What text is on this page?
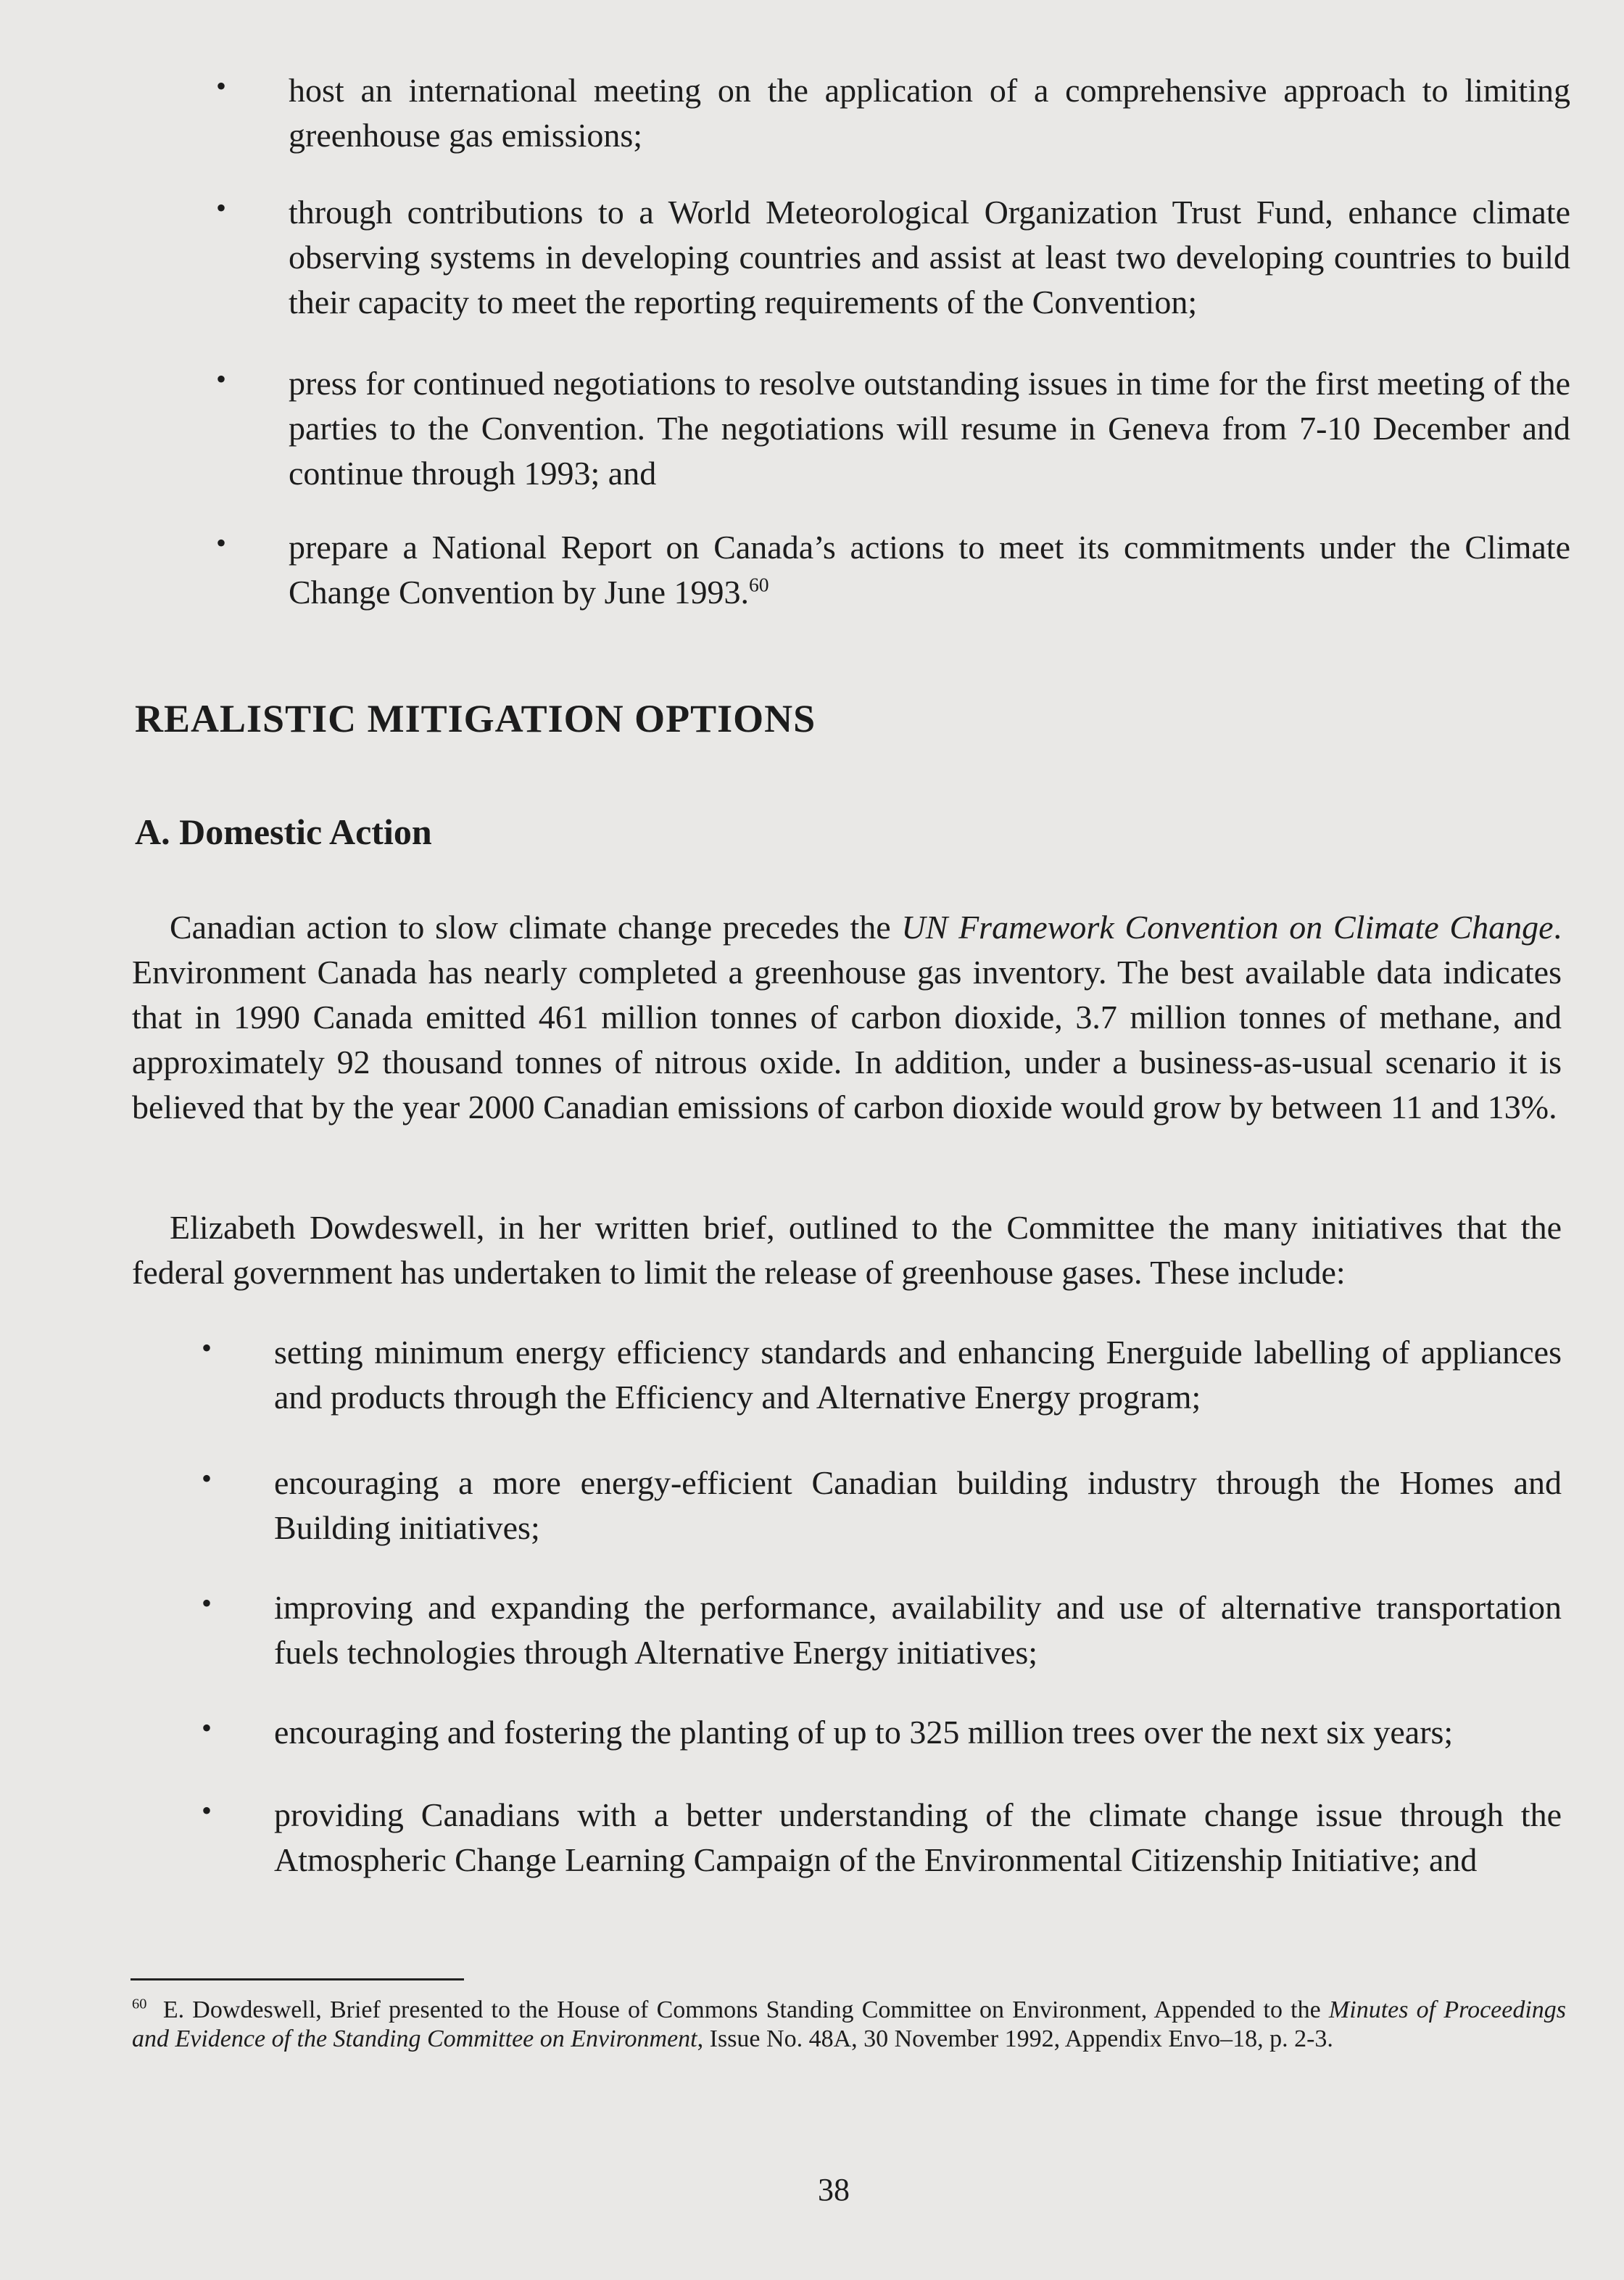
• host an international meeting on the application of a comprehensive approach to limiting greenhouse gas emissions;
• through contributions to a World Meteorological Organization Trust Fund, enhance climate observing systems in developing countries and assist at least two developing countries to build their capacity to meet the reporting requirements of the Convention;
• press for continued negotiations to resolve outstanding issues in time for the first meeting of the parties to the Convention. The negotiations will resume in Geneva from 7-10 December and continue through 1993; and
• prepare a National Report on Canada’s actions to meet its commitments under the Climate Change Convention by June 1993.60
REALISTIC MITIGATION OPTIONS
A. Domestic Action
Canadian action to slow climate change precedes the UN Framework Convention on Climate Change. Environment Canada has nearly completed a greenhouse gas inventory. The best available data indicates that in 1990 Canada emitted 461 million tonnes of carbon dioxide, 3.7 million tonnes of methane, and approximately 92 thousand tonnes of nitrous oxide. In addition, under a business-as-usual scenario it is believed that by the year 2000 Canadian emissions of carbon dioxide would grow by between 11 and 13%.
Elizabeth Dowdeswell, in her written brief, outlined to the Committee the many initiatives that the federal government has undertaken to limit the release of greenhouse gases. These include:
• setting minimum energy efficiency standards and enhancing Energuide labelling of appliances and products through the Efficiency and Alternative Energy program;
• encouraging a more energy-efficient Canadian building industry through the Homes and Building initiatives;
• improving and expanding the performance, availability and use of alternative transportation fuels technologies through Alternative Energy initiatives;
• encouraging and fostering the planting of up to 325 million trees over the next six years;
• providing Canadians with a better understanding of the climate change issue through the Atmospheric Change Learning Campaign of the Environmental Citizenship Initiative; and
$^{60}$ E. Dowdeswell, Brief presented to the House of Commons Standing Committee on Environment, Appended to the Minutes of Proceedings and Evidence of the Standing Committee on Environment, Issue No. 48A, 30 November 1992, Appendix Envo–18, p. 2-3.
38
